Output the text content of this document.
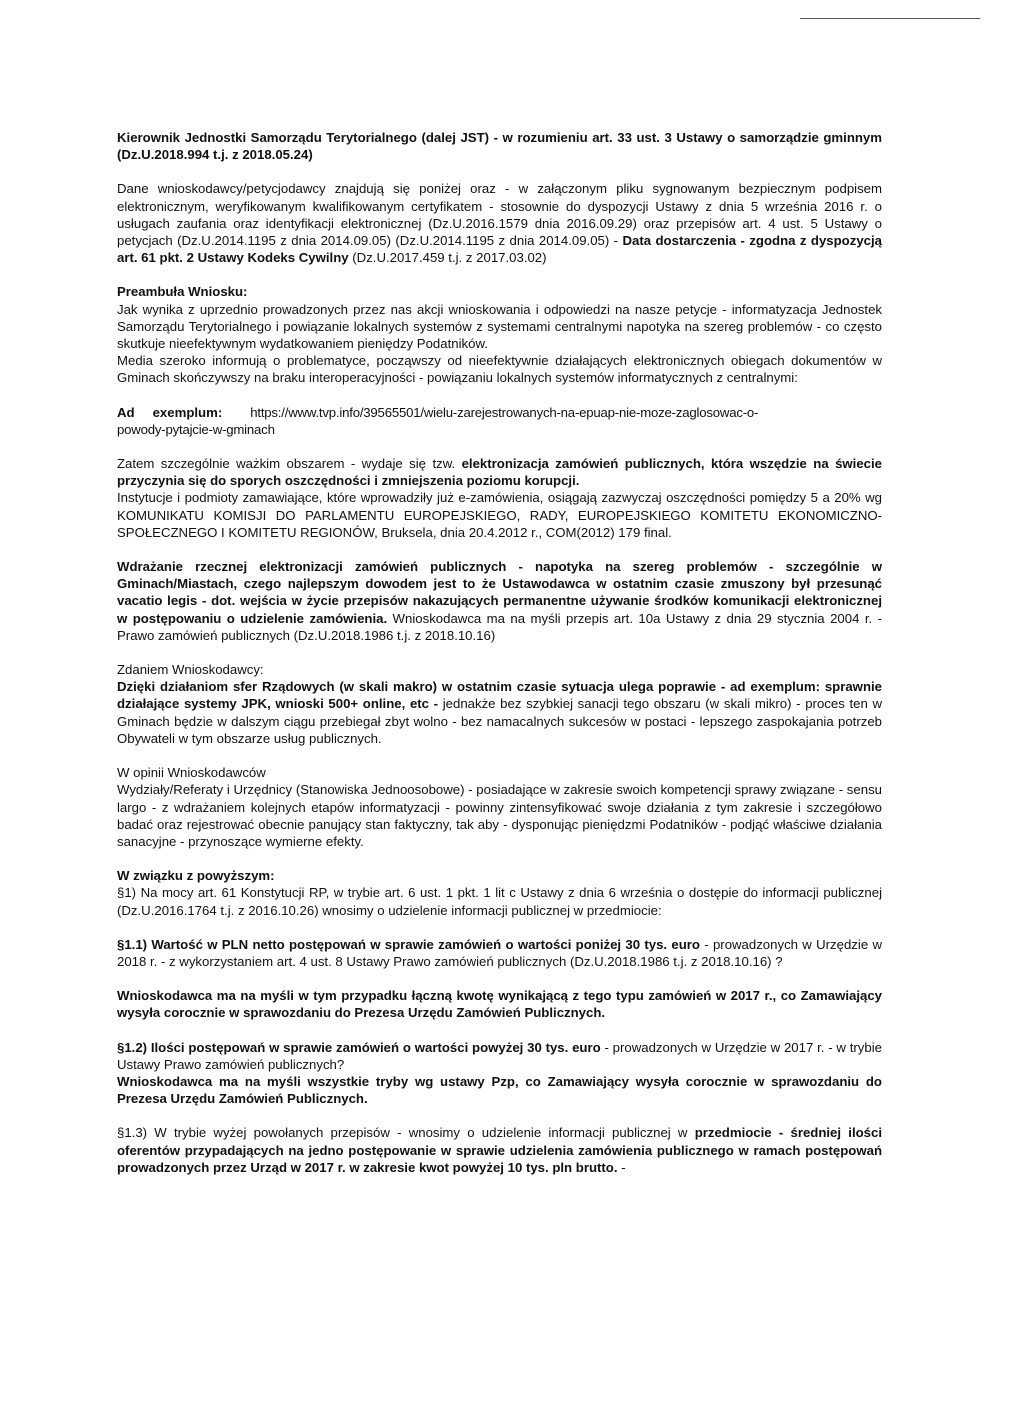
Kierownik Jednostki Samorządu Terytorialnego (dalej JST) - w rozumieniu art. 33 ust. 3 Ustawy o samorządzie gminnym (Dz.U.2018.994 t.j. z 2018.05.24)

Dane wnioskodawcy/petycjodawcy znajdują się poniżej oraz - w załączonym pliku sygnowanym bezpiecznym podpisem elektronicznym, weryfikowanym kwalifikowanym certyfikatem - stosownie do dyspozycji Ustawy z dnia 5 września 2016 r. o usługach zaufania oraz identyfikacji elektronicznej (Dz.U.2016.1579 dnia 2016.09.29) oraz przepisów art. 4 ust. 5 Ustawy o petycjach (Dz.U.2014.1195 z dnia 2014.09.05) (Dz.U.2014.1195 z dnia 2014.09.05) - Data dostarczenia - zgodna z dyspozycją art. 61 pkt. 2 Ustawy Kodeks Cywilny (Dz.U.2017.459 t.j. z 2017.03.02)

Preambuła Wniosku:

Jak wynika z uprzednio prowadzonych przez nas akcji wnioskowania i odpowiedzi na nasze petycje - informatyzacja Jednostek Samorządu Terytorialnego i powiązanie lokalnych systemów z systemami centralnymi napotyka na szereg problemów - co często skutkuje nieefektywnym wydatkowaniem pieniędzy Podatników.

Media szeroko informują o problematyce, począwszy od nieefektywnie działających elektronicznych obiegach dokumentów w Gminach skończywszy na braku interoperacyjności - powiązaniu lokalnych systemów informatycznych z centralnymi:

Ad exemplum: https://www.tvp.info/39565501/wielu-zarejestrowanych-na-epuap-nie-moze-zaglosowac-o-

powody-pytajcie-w-gminach

Zatem szczególnie ważkim obszarem - wydaje się tzw. elektronizacja zamówień publicznych, która wszędzie na świecie przyczynia się do sporych oszczędności i zmniejszenia poziomu korupcji.

Instytucje i podmioty zamawiające, które wprowadziły już e-zamówienia, osiągają zazwyczaj oszczędności pomiędzy 5 a 20% wg KOMUNIKATU KOMISJI DO PARLAMENTU EUROPEJSKIEGO, RADY, EUROPEJSKIEGO KOMITETU EKONOMICZNO-SPOŁECZNEGO I KOMITETU REGIONÓW, Bruksela, dnia 20.4.2012 r., COM(2012) 179 final.

Wdrażanie rzecznej elektronizacji zamówień publicznych - napotyka na szereg problemów - szczególnie w Gminach/Miastach, czego najlepszym dowodem jest to że Ustawodawca w ostatnim czasie zmuszony był przesunąć vacatio legis - dot. wejścia w życie przepisów nakazujących permanentne używanie środków komunikacji elektronicznej w postępowaniu o udzielenie zamówienia. Wnioskodawca ma na myśli przepis art. 10a Ustawy z dnia 29 stycznia 2004 r. - Prawo zamówień publicznych (Dz.U.2018.1986 t.j. z 2018.10.16)

Zdaniem Wnioskodawcy:

Dzięki działaniom sfer Rządowych (w skali makro) w ostatnim czasie sytuacja ulega poprawie - ad exemplum: sprawnie działające systemy JPK, wnioski 500+ online, etc - jednakże bez szybkiej sanacji tego obszaru (w skali mikro) - proces ten w Gminach będzie w dalszym ciągu przebiegał zbyt wolno - bez namacalnych sukcesów w postaci - lepszego zaspokajania potrzeb Obywateli w tym obszarze usług publicznych.

W opinii Wnioskodawców

Wydziały/Referaty i Urzędnicy (Stanowiska Jednoosobowe) - posiadające w zakresie swoich kompetencji sprawy związane - sensu largo - z wdrażaniem kolejnych etapów informatyzacji - powinny zintensyfikować swoje działania z tym zakresie i szczegółowo badać oraz rejestrować obecnie panujący stan faktyczny, tak aby - dysponując pieniędzmi Podatników - podjąć właściwe działania sanacyjne - przynoszące wymierne efekty.

W związku z powyższym:

§1) Na mocy art. 61 Konstytucji RP, w trybie art. 6 ust. 1 pkt. 1 lit c Ustawy z dnia 6 września o dostępie do informacji publicznej (Dz.U.2016.1764 t.j. z 2016.10.26) wnosimy o udzielenie informacji publicznej w przedmiocie:

§1.1) Wartość w PLN netto postępowań w sprawie zamówień o wartości poniżej 30 tys. euro - prowadzonych w Urzędzie w 2018 r. - z wykorzystaniem art. 4 ust. 8 Ustawy Prawo zamówień publicznych (Dz.U.2018.1986 t.j. z 2018.10.16) ?

Wnioskodawca ma na myśli w tym przypadku łączną kwotę wynikającą z tego typu zamówień w 2017 r., co Zamawiający wysyła corocznie w sprawozdaniu do Prezesa Urzędu Zamówień Publicznych.

§1.2) Ilości postępowań w sprawie zamówień o wartości powyżej 30 tys. euro - prowadzonych w Urzędzie w 2017 r. - w trybie Ustawy Prawo zamówień publicznych?

Wnioskodawca ma na myśli wszystkie tryby wg ustawy Pzp, co Zamawiający wysyła corocznie w sprawozdaniu do Prezesa Urzędu Zamówień Publicznych.

§1.3) W trybie wyżej powołanych przepisów - wnosimy o udzielenie informacji publicznej w przedmiocie - średniej ilości oferentów przypadających na jedno postępowanie w sprawie udzielenia zamówienia publicznego w ramach postępowań prowadzonych przez Urząd w 2017 r. w zakresie kwot powyżej 10 tys. pln brutto. -
